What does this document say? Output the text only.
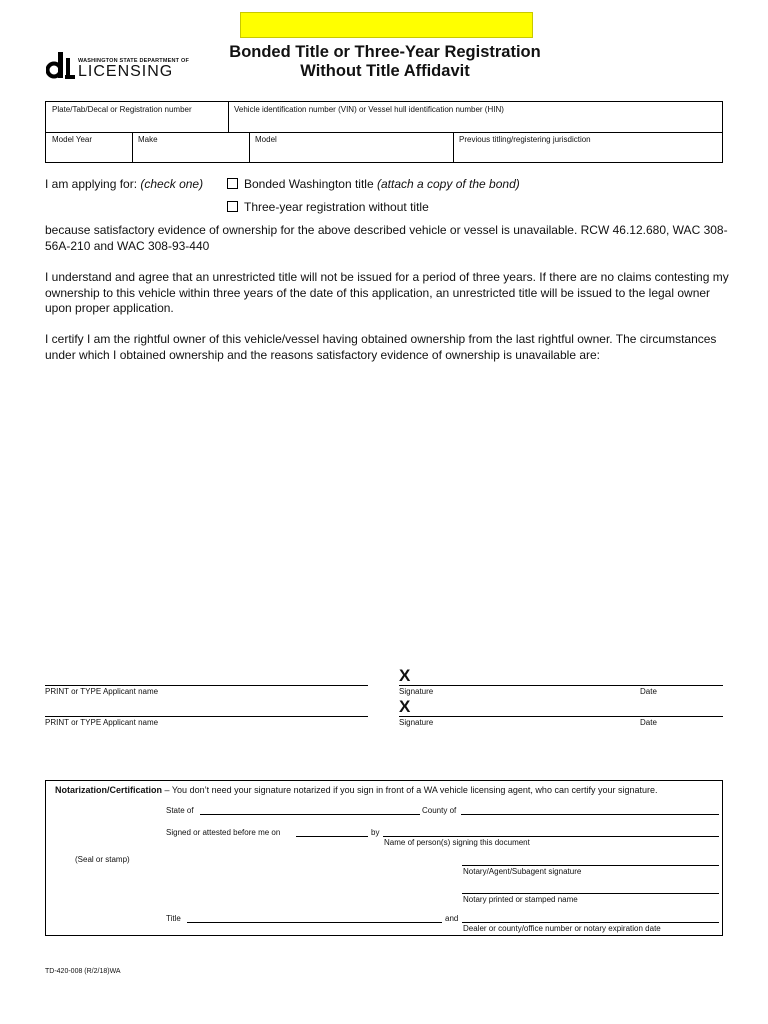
WASHINGTON STATE DEPARTMENT OF
LICENSING
Bonded Title or Three-Year Registration
Without Title Affidavit
Plate/Tab/Decal or Registration number	Vehicle identification number (VIN) or Vessel hull identification number (HIN)
Model Year	Make	Model	Previous titling/registering jurisdiction
I am applying for: (check one)	Bonded Washington title (attach a copy of the bond)
Three-year registration without title
because satisfactory evidence of ownership for the above described vehicle or vessel is unavailable. RCW 46.12.680, WAC 308-56A-210 and WAC 308-93-440
I understand and agree that an unrestricted title will not be issued for a period of three years. If there are no claims contesting my ownership to this vehicle within three years of the date of this application, an unrestricted title will be issued to the legal owner upon proper application.
I certify I am the rightful owner of this vehicle/vessel having obtained ownership from the last rightful owner. The circumstances under which I obtained ownership and the reasons satisfactory evidence of ownership is unavailable are:
X
PRINT or TYPE Applicant name	Signature	Date
X
PRINT or TYPE Applicant name	Signature	Date
Notarization/Certification – You don’t need your signature notarized if you sign in front of a WA vehicle licensing agent, who can certify your signature.
State of	County of
Signed or attested before me on	by
Name of person(s) signing this document
(Seal or stamp)
Notary/Agent/Subagent signature
Notary printed or stamped name
Title	and
Dealer or county/office number or notary expiration date
TD-420-008 (R/2/18)WA
